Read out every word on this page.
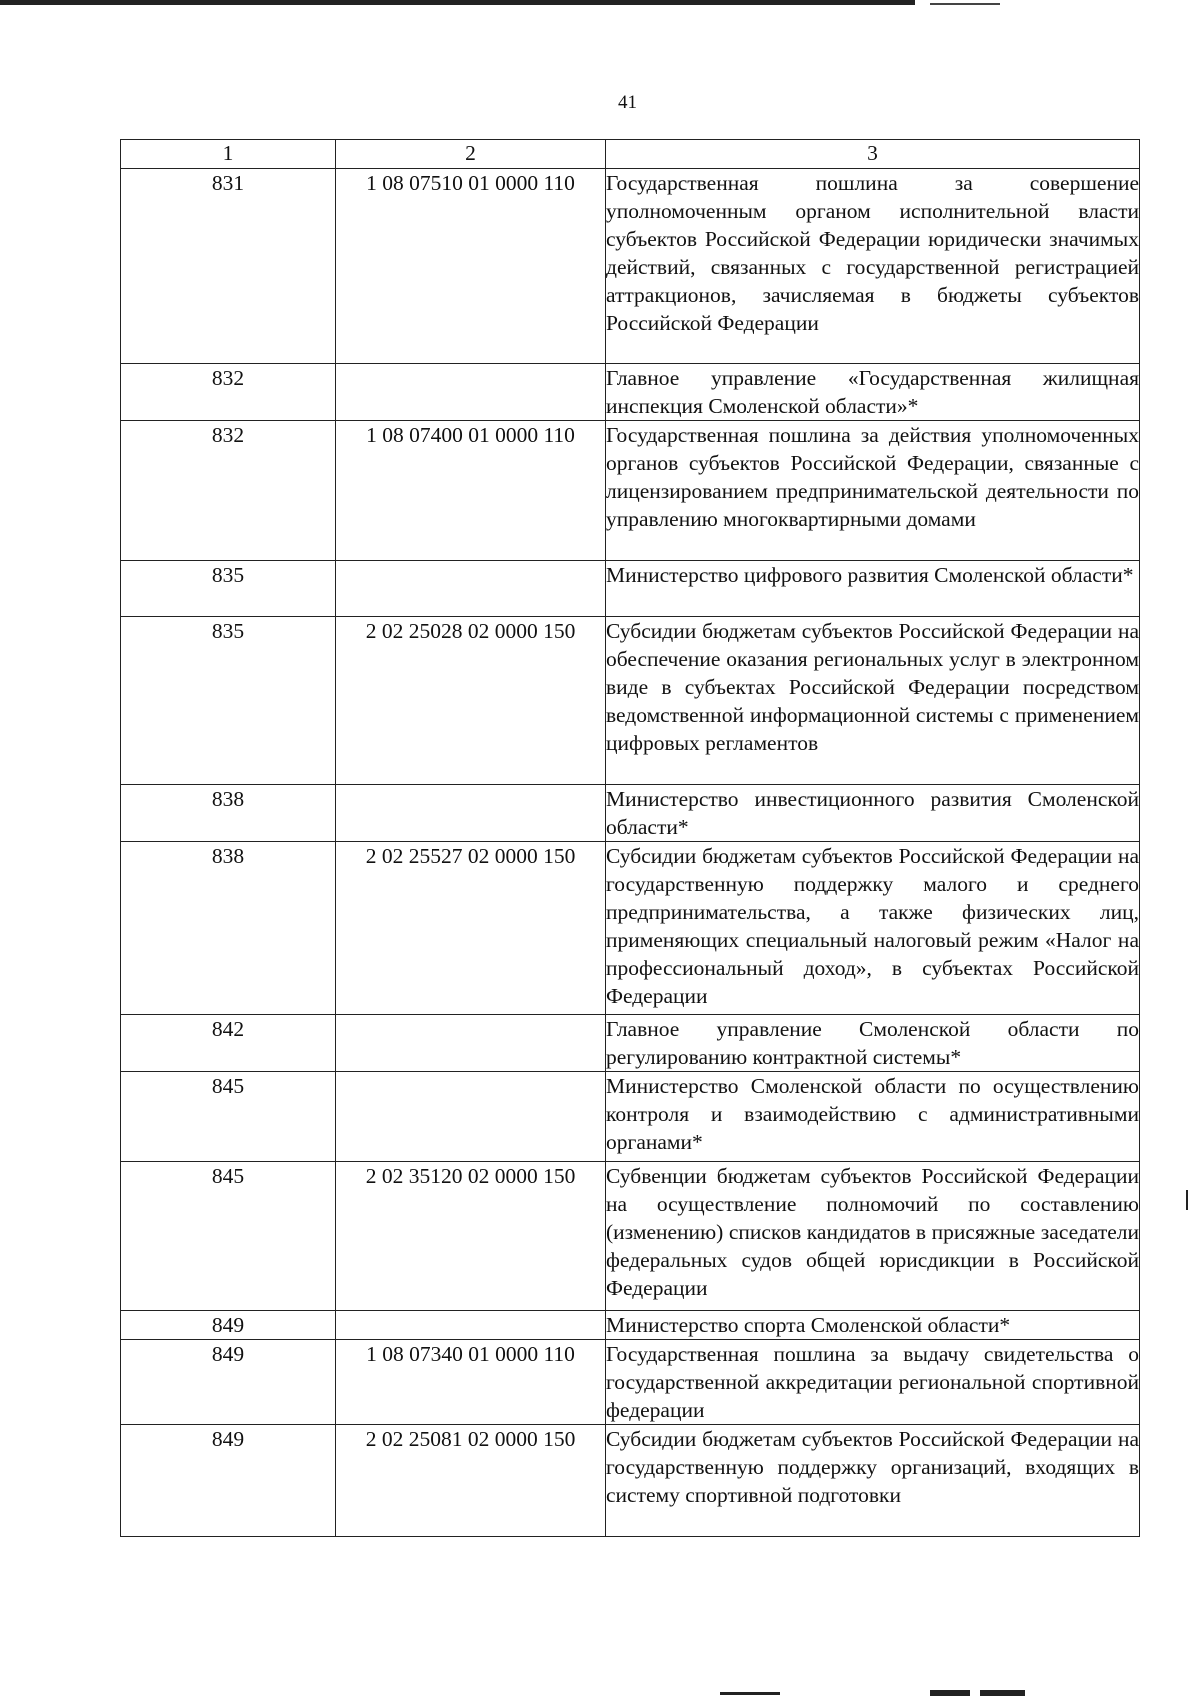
41
1	2	3
831	1 08 07510 01 0000 110	Государственная пошлина за совершение уполномоченным органом исполнительной власти субъектов Российской Федерации юридически значимых действий, связанных с государственной регистрацией аттракционов, зачисляемая в бюджеты субъектов Российской Федерации
832		Главное управление «Государственная жилищная инспекция Смоленской области»*
832	1 08 07400 01 0000 110	Государственная пошлина за действия уполномоченных органов субъектов Российской Федерации, связанные с лицензированием предпринимательской деятельности по управлению многоквартирными домами
835		Министерство цифрового развития Смоленской области*
835	2 02 25028 02 0000 150	Субсидии бюджетам субъектов Российской Федерации на обеспечение оказания региональных услуг в электронном виде в субъектах Российской Федерации посредством ведомственной информационной системы с применением цифровых регламентов
838		Министерство инвестиционного развития Смоленской области*
838	2 02 25527 02 0000 150	Субсидии бюджетам субъектов Российской Федерации на государственную поддержку малого и среднего предпринимательства, а также физических лиц, применяющих специальный налоговый режим «Налог на профессиональный доход», в субъектах Российской Федерации
842		Главное управление Смоленской области по регулированию контрактной системы*
845		Министерство Смоленской области по осуществлению контроля и взаимодействию с административными органами*
845	2 02 35120 02 0000 150	Субвенции бюджетам субъектов Российской Федерации на осуществление полномочий по составлению (изменению) списков кандидатов в присяжные заседатели федеральных судов общей юрисдикции в Российской Федерации
849		Министерство спорта Смоленской области*
849	1 08 07340 01 0000 110	Государственная пошлина за выдачу свидетельства о государственной аккредитации региональной спортивной федерации
849	2 02 25081 02 0000 150	Субсидии бюджетам субъектов Российской Федерации на государственную поддержку организаций, входящих в систему спортивной подготовки
